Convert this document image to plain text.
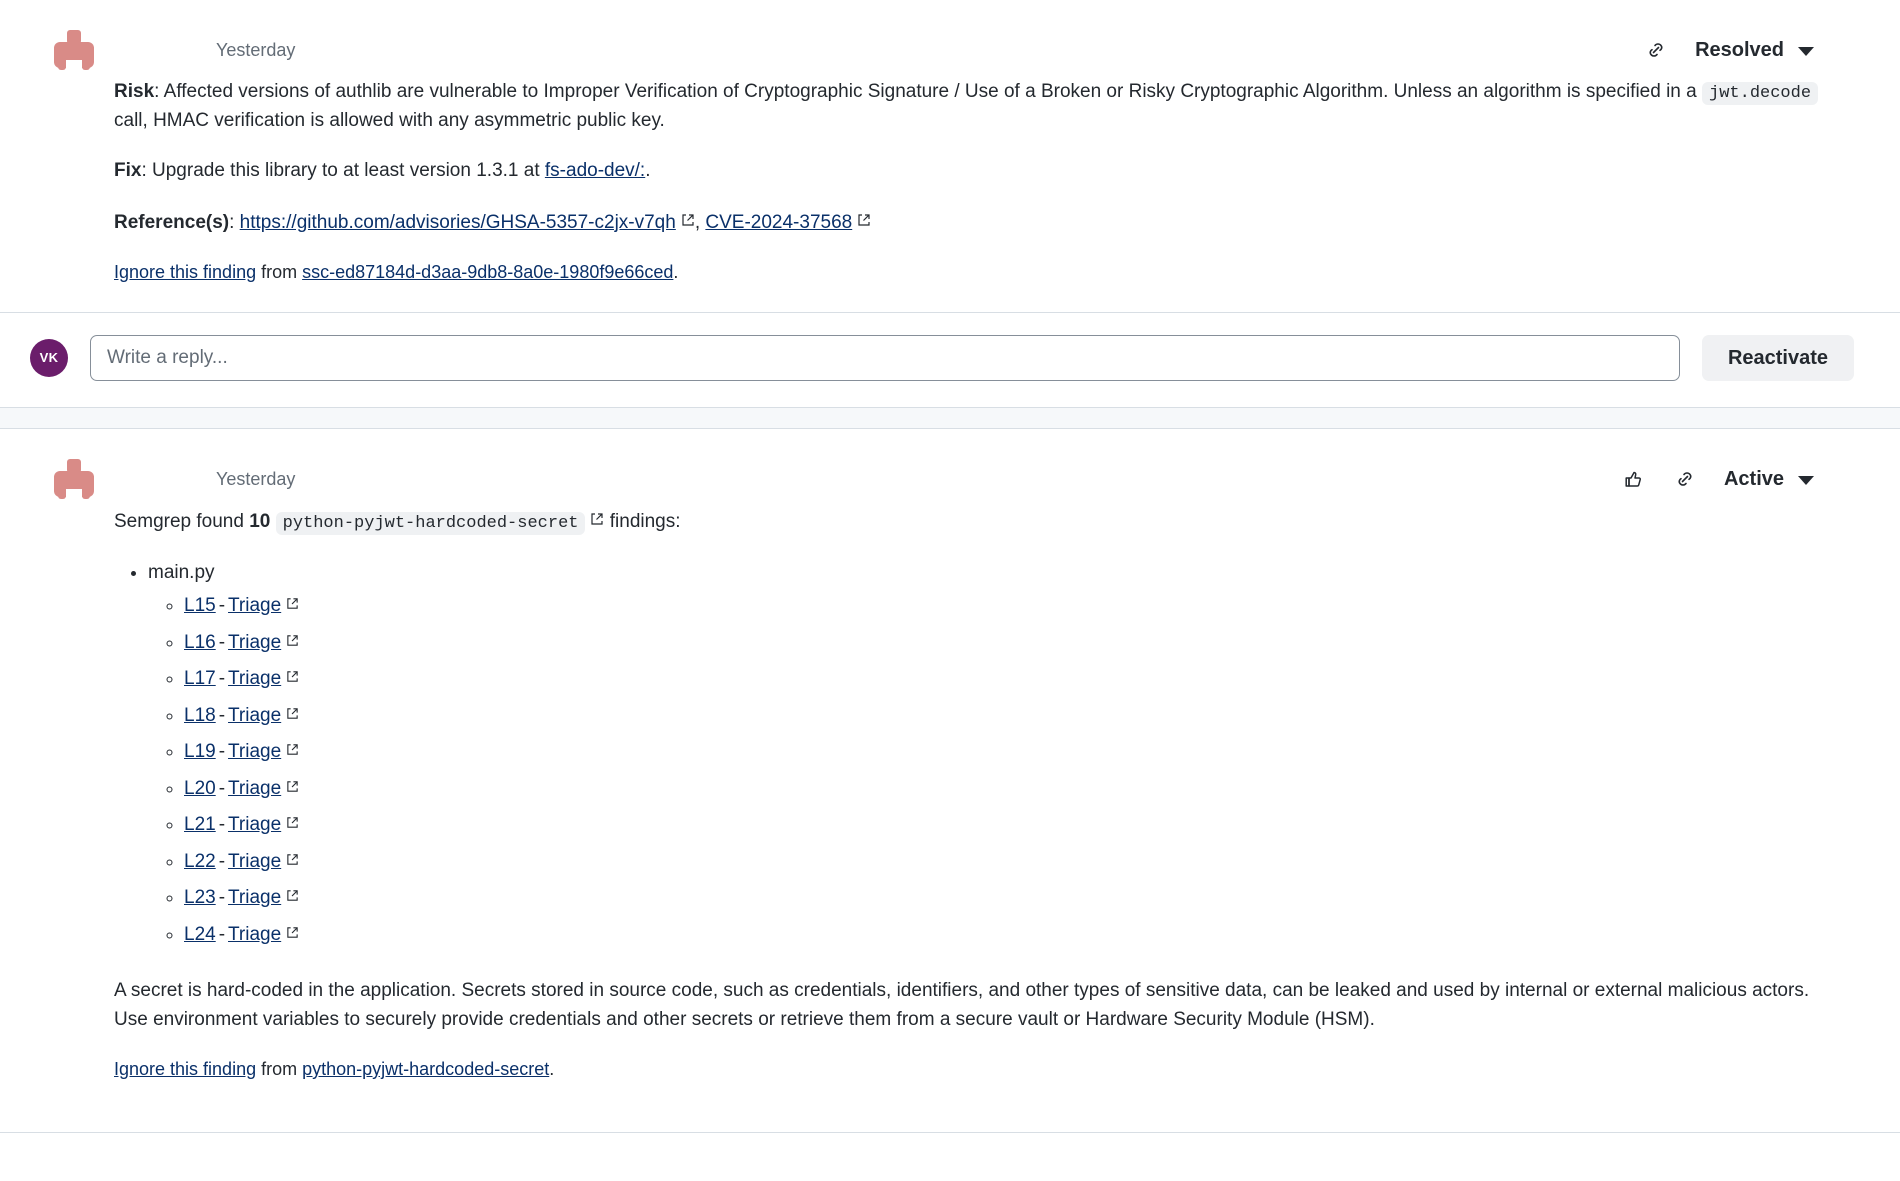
Yesterday	Resolved

Risk: Affected versions of authlib are vulnerable to Improper Verification of Cryptographic Signature / Use of a Broken or Risky Cryptographic Algorithm. Unless an algorithm is specified in a jwt.decode call, HMAC verification is allowed with any asymmetric public key.

Fix: Upgrade this library to at least version 1.3.1 at fs-ado-dev/:.

Reference(s): https://github.com/advisories/GHSA-5357-c2jx-v7qh , CVE-2024-37568

Ignore this finding from ssc-ed87184d-d3aa-9db8-8a0e-1980f9e66ced.

VK
Write a reply...	Reactivate
Yesterday	Active

Semgrep found 10 python-pyjwt-hardcoded-secret findings:

• main.py
◦ L15 - Triage
◦ L16 - Triage
◦ L17 - Triage
◦ L18 - Triage
◦ L19 - Triage
◦ L20 - Triage
◦ L21 - Triage
◦ L22 - Triage
◦ L23 - Triage
◦ L24 - Triage

A secret is hard-coded in the application. Secrets stored in source code, such as credentials, identifiers, and other types of sensitive data, can be leaked and used by internal or external malicious actors. Use environment variables to securely provide credentials and other secrets or retrieve them from a secure vault or Hardware Security Module (HSM).

Ignore this finding from python-pyjwt-hardcoded-secret.
